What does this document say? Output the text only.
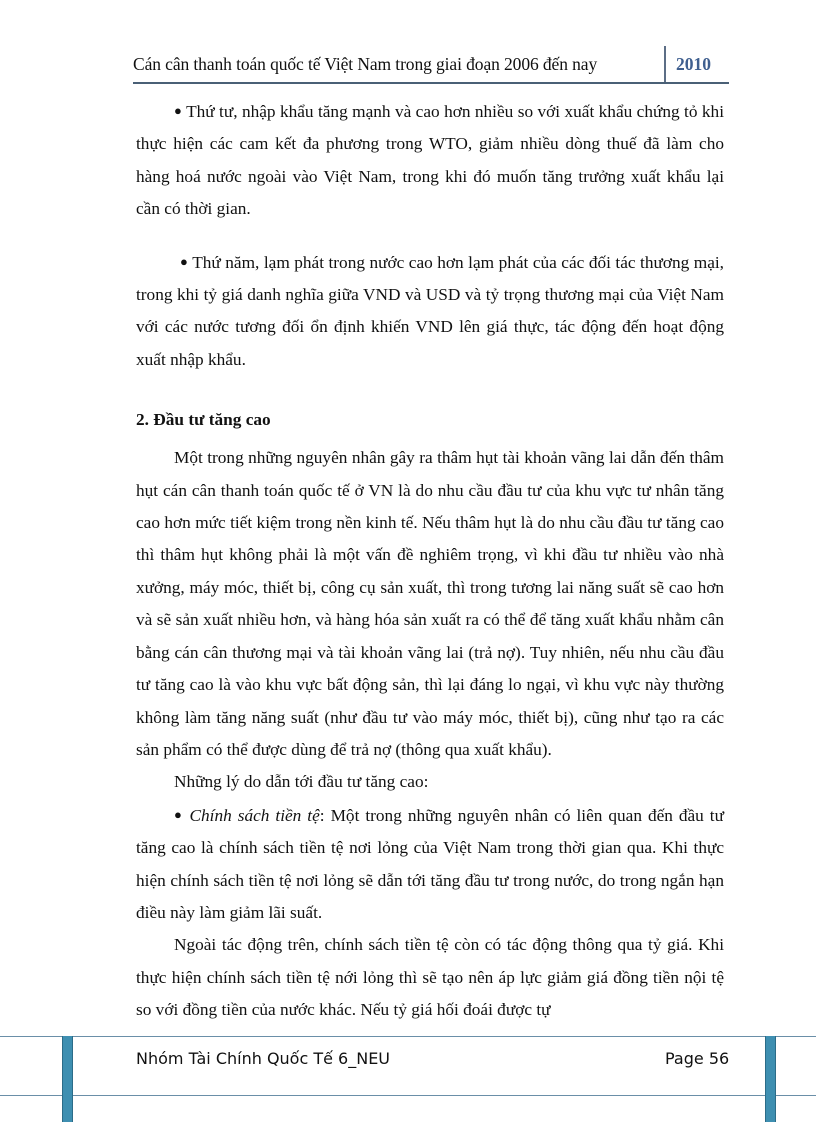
Cán cân thanh toán quốc tế Việt Nam trong giai đoạn 2006 đến nay	2010

● Thứ tư, nhập khẩu tăng mạnh và cao hơn nhiều so với xuất khẩu chứng tỏ khi thực hiện các cam kết đa phương trong WTO, giảm nhiều dòng thuế đã làm cho hàng hoá nước ngoài vào Việt Nam, trong khi đó muốn tăng trưởng xuất khẩu lại cần có thời gian.

● Thứ năm, lạm phát trong nước cao hơn lạm phát của các đối tác thương mại, trong khi tỷ giá danh nghĩa giữa VND và USD và tỷ trọng thương mại của Việt Nam với các nước tương đối ổn định khiến VND lên giá thực, tác động đến hoạt động xuất nhập khẩu.

2. Đầu tư tăng cao

Một trong những nguyên nhân gây ra thâm hụt tài khoản vãng lai dẫn đến thâm hụt cán cân thanh toán quốc tế ở VN là do nhu cầu đầu tư của khu vực tư nhân tăng cao hơn mức tiết kiệm trong nền kinh tế. Nếu thâm hụt là do nhu cầu đầu tư tăng cao thì thâm hụt không phải là một vấn đề nghiêm trọng, vì khi đầu tư nhiều vào nhà xưởng, máy móc, thiết bị, công cụ sản xuất, thì trong tương lai năng suất sẽ cao hơn và sẽ sản xuất nhiều hơn, và hàng hóa sản xuất ra có thể để tăng xuất khẩu nhằm cân bằng cán cân thương mại và tài khoản vãng lai (trả nợ). Tuy nhiên, nếu nhu cầu đầu tư tăng cao là vào khu vực bất động sản, thì lại đáng lo ngại, vì khu vực này thường không làm tăng năng suất (như đầu tư vào máy móc, thiết bị), cũng như tạo ra các sản phẩm có thể được dùng để trả nợ (thông qua xuất khẩu).

Những lý do dẫn tới đầu tư tăng cao:

● Chính sách tiền tệ: Một trong những nguyên nhân có liên quan đến đầu tư tăng cao là chính sách tiền tệ nơi lỏng của Việt Nam trong thời gian qua. Khi thực hiện chính sách tiền tệ nơi lỏng sẽ dẫn tới tăng đầu tư trong nước, do trong ngắn hạn điều này làm giảm lãi suất.

Ngoài tác động trên, chính sách tiền tệ còn có tác động thông qua tỷ giá. Khi thực hiện chính sách tiền tệ nới lỏng thì sẽ tạo nên áp lực giảm giá đồng tiền nội tệ so với đồng tiền của nước khác. Nếu tỷ giá hối đoái được tự

Nhóm Tài Chính Quốc Tế 6_NEU	Page 56
